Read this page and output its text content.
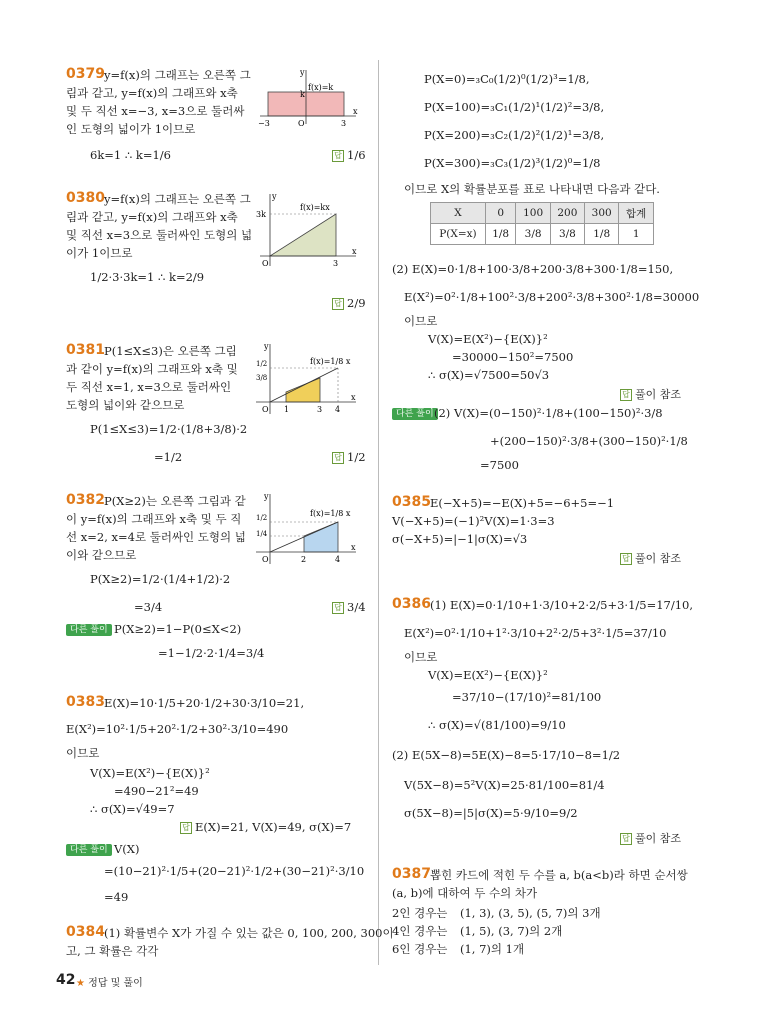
0379 y=f(x)의 그래프는 오른쪽 그
림과 같고, y=f(x)의 그래프와 x축
및 두 직선 x=−3, x=3으로 둘러싸
인 도형의 넓이가 1이므로
6k=1 ∴ k=1/6	답 1/6
f(x)=k
k
−3	O	3
x
y
0380 y=f(x)의 그래프는 오른쪽 그
림과 같고, y=f(x)의 그래프와 x축
및 직선 x=3으로 둘러싸인 도형의 넓
이가 1이므로
1/2·3·3k=1 ∴ k=2/9
답 2/9
f(x)=kx
3k
O	3
x
y
0381 P(1≤X≤3)은 오른쪽 그림
과 같이 y=f(x)의 그래프와 x축 및
두 직선 x=1, x=3으로 둘러싸인
도형의 넓이와 같으므로
P(1≤X≤3)=1/2·(1/8+3/8)·2
=1/2	답 1/2
f(x)=1/8 x
1/2
3/8
O 1	3 4
x
y
0382 P(X≥2)는 오른쪽 그림과 같
이 y=f(x)의 그래프와 x축 및 두 직
선 x=2, x=4로 둘러싸인 도형의 넓
이와 같으므로
P(X≥2)=1/2·(1/4+1/2)·2
=3/4	답 3/4
다른 풀이 P(X≥2)=1−P(0≤X<2)
=1−1/2·2·1/4=3/4
f(x)=1/8 x
1/2
1/4
O	2	4
x
y
0383 E(X)=10·1/5+20·1/2+30·3/10=21,
E(X²)=10²·1/5+20²·1/2+30²·3/10=490
이므로
V(X)=E(X²)−{E(X)}²
=490−21²=49
∴ σ(X)=√49=7
답 E(X)=21, V(X)=49, σ(X)=7
다른 풀이 V(X)
=(10−21)²·1/5+(20−21)²·1/2+(30−21)²·3/10
=49
0384 (1) 확률변수 X가 가질 수 있는 값은 0, 100, 200, 300이
고, 그 확률은 각각
P(X=0)=₃C₀(1/2)⁰(1/2)³=1/8,
P(X=100)=₃C₁(1/2)¹(1/2)²=3/8,
P(X=200)=₃C₂(1/2)²(1/2)¹=3/8,
P(X=300)=₃C₃(1/2)³(1/2)⁰=1/8
이므로 X의 확률분포를 표로 나타내면 다음과 같다.
X	0	100	200	300	합계
P(X=x)	1/8	3/8	3/8	1/8	1
(2) E(X)=0·1/8+100·3/8+200·3/8+300·1/8=150,
E(X²)=0²·1/8+100²·3/8+200²·3/8+300²·1/8=30000
이므로
V(X)=E(X²)−{E(X)}²
=30000−150²=7500
∴ σ(X)=√7500=50√3
답 풀이 참조
다른 풀이 (2) V(X)=(0−150)²·1/8+(100−150)²·3/8
+(200−150)²·3/8+(300−150)²·1/8
=7500
0385 E(−X+5)=−E(X)+5=−6+5=−1
V(−X+5)=(−1)²V(X)=1·3=3
σ(−X+5)=|−1|σ(X)=√3
답 풀이 참조
0386 (1) E(X)=0·1/10+1·3/10+2·2/5+3·1/5=17/10,
E(X²)=0²·1/10+1²·3/10+2²·2/5+3²·1/5=37/10
이므로
V(X)=E(X²)−{E(X)}²
=37/10−(17/10)²=81/100
∴ σ(X)=√(81/100)=9/10
(2) E(5X−8)=5E(X)−8=5·17/10−8=1/2
V(5X−8)=5²V(X)=25·81/100=81/4
σ(5X−8)=|5|σ(X)=5·9/10=9/2
답 풀이 참조
0387 뽑힌 카드에 적힌 두 수를 a, b(a<b)라 하면 순서쌍
(a, b)에 대하여 두 수의 차가
2인 경우는 (1, 3), (3, 5), (5, 7)의 3개
4인 경우는 (1, 5), (3, 7)의 2개
6인 경우는 (1, 7)의 1개
42 ★ 정답 및 풀이
